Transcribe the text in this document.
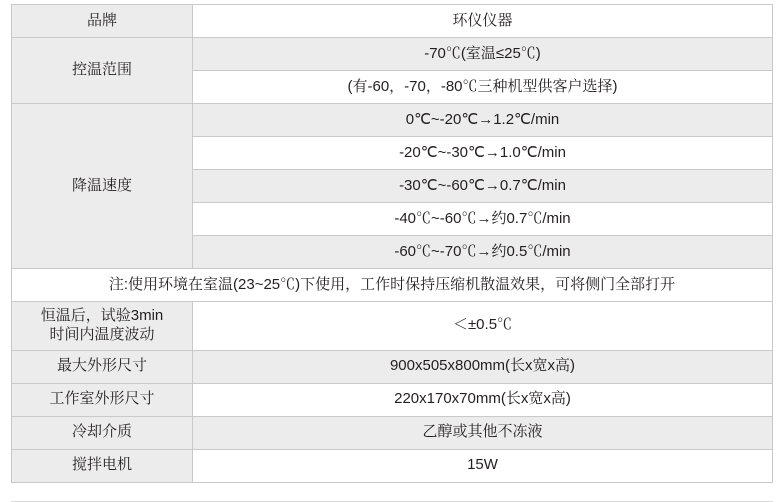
品牌	环仪仪器
控温范围	-70℃(室温≤25℃)
	(有-60，-70，-80℃三种机型供客户选择)
降温速度	0℃~-20℃→1.2℃/min
	-20℃~-30℃→1.0℃/min
	-30℃~-60℃→0.7℃/min
	-40℃~-60℃→约0.7℃/min
	-60℃~-70℃→约0.5℃/min
注:使用环境在室温(23~25℃)下使用，工作时保持压缩机散温效果，可将侧门全部打开	

恒温后，试验3min
时间内温度波动	＜±0.5℃
最大外形尺寸	900x505x800mm(长x宽x高)
工作室外形尺寸	220x170x70mm(长x宽x高)
冷却介质	乙醇或其他不冻液
搅拌电机	15W
